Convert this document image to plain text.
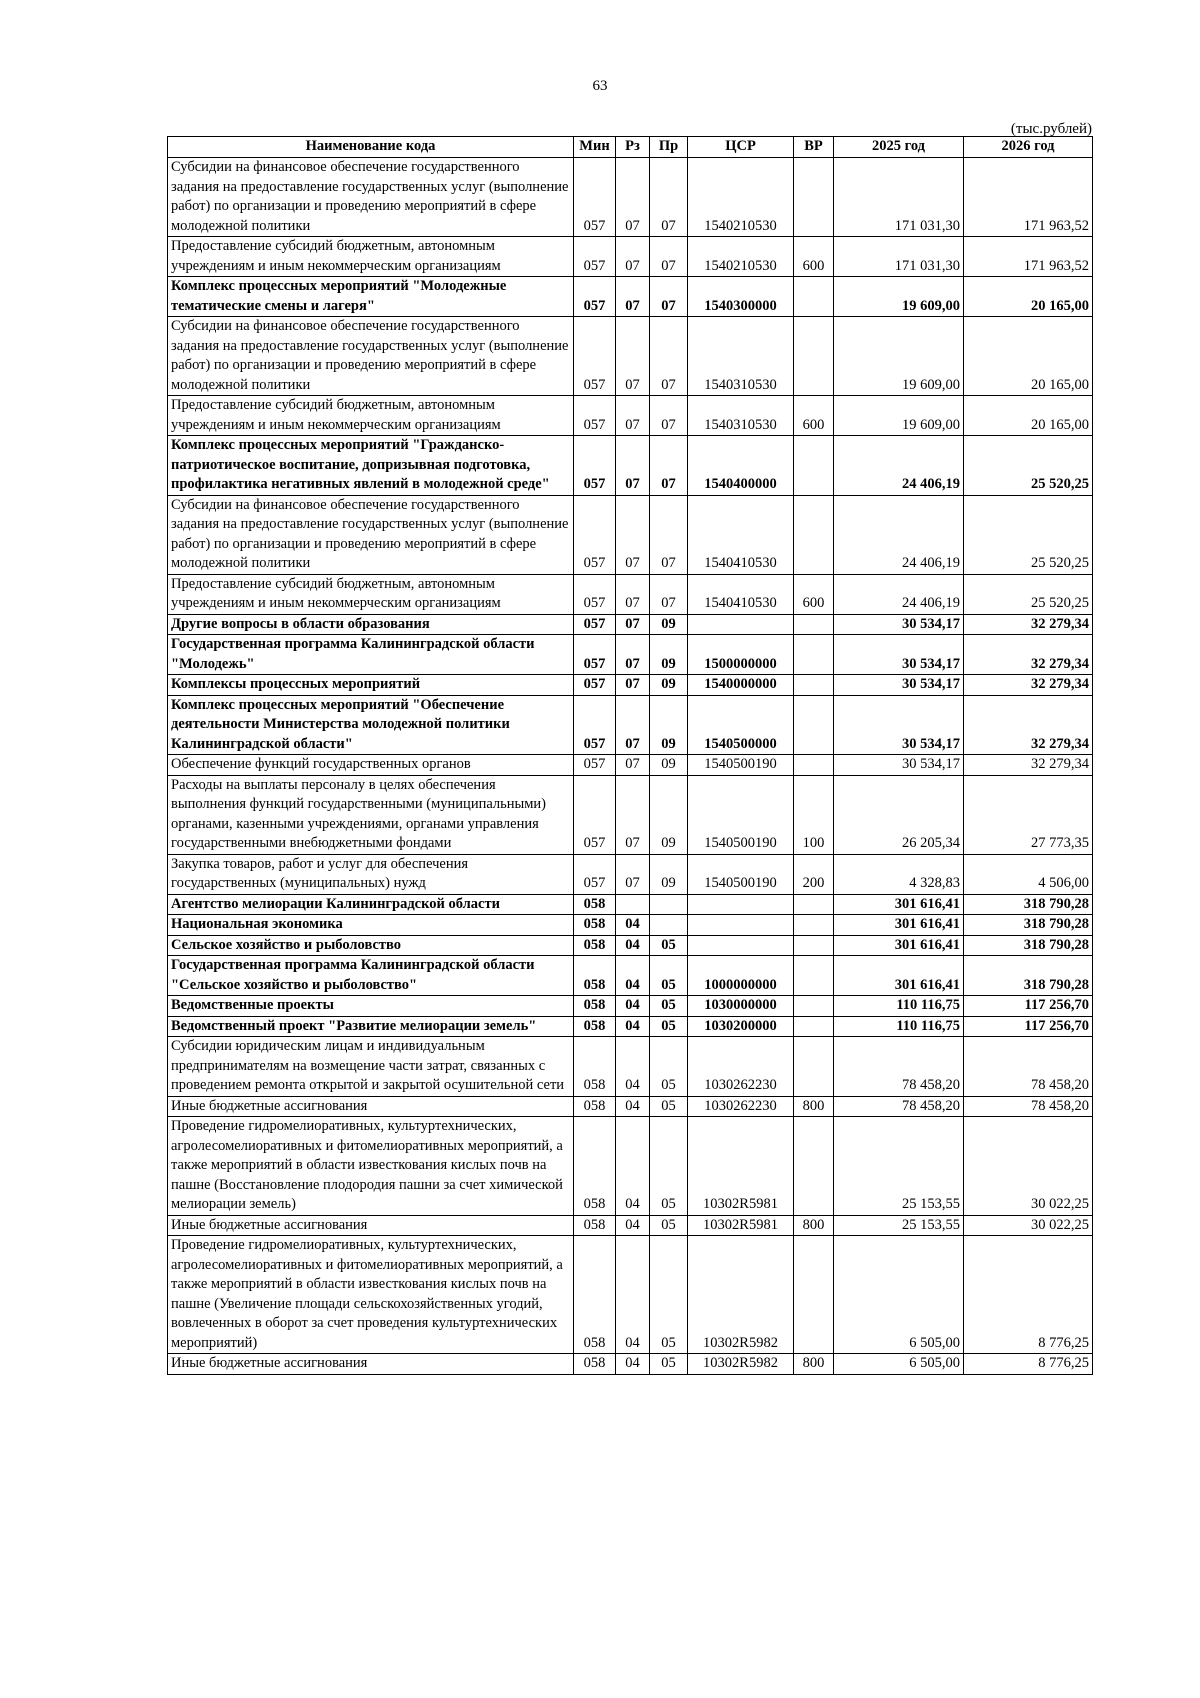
63
(тыс.рублей)
Наименование кода	Мин	Рз	Пр	ЦСР	ВР	2025 год	2026 год
Субсидии на финансовое обеспечение государственного задания на предоставление государственных услуг (выполнение работ) по организации и проведению мероприятий в сфере молодежной политики	057	07	07	1540210530		171 031,30	171 963,52
Предоставление субсидий бюджетным, автономным учреждениям и иным некоммерческим организациям	057	07	07	1540210530	600	171 031,30	171 963,52
Комплекс процессных мероприятий "Молодежные тематические смены и лагеря"	057	07	07	1540300000		19 609,00	20 165,00
Субсидии на финансовое обеспечение государственного задания на предоставление государственных услуг (выполнение работ) по организации и проведению мероприятий в сфере молодежной политики	057	07	07	1540310530		19 609,00	20 165,00
Предоставление субсидий бюджетным, автономным учреждениям и иным некоммерческим организациям	057	07	07	1540310530	600	19 609,00	20 165,00
Комплекс процессных мероприятий "Гражданско-патриотическое воспитание, допризывная подготовка, профилактика негативных явлений в молодежной среде"	057	07	07	1540400000		24 406,19	25 520,25
Субсидии на финансовое обеспечение государственного задания на предоставление государственных услуг (выполнение работ) по организации и проведению мероприятий в сфере молодежной политики	057	07	07	1540410530		24 406,19	25 520,25
Предоставление субсидий бюджетным, автономным учреждениям и иным некоммерческим организациям	057	07	07	1540410530	600	24 406,19	25 520,25
Другие вопросы в области образования	057	07	09			30 534,17	32 279,34
Государственная программа Калининградской области "Молодежь"	057	07	09	1500000000		30 534,17	32 279,34
Комплексы процессных мероприятий	057	07	09	1540000000		30 534,17	32 279,34
Комплекс процессных мероприятий "Обеспечение деятельности Министерства молодежной политики Калининградской области"	057	07	09	1540500000		30 534,17	32 279,34
Обеспечение функций государственных органов	057	07	09	1540500190		30 534,17	32 279,34
Расходы на выплаты персоналу в целях обеспечения выполнения функций государственными (муниципальными) органами, казенными учреждениями, органами управления государственными внебюджетными фондами	057	07	09	1540500190	100	26 205,34	27 773,35
Закупка товаров, работ и услуг для обеспечения государственных (муниципальных) нужд	057	07	09	1540500190	200	4 328,83	4 506,00
Агентство мелиорации Калининградской области	058					301 616,41	318 790,28
Национальная экономика	058	04				301 616,41	318 790,28
Сельское хозяйство и рыболовство	058	04	05			301 616,41	318 790,28
Государственная программа Калининградской области "Сельское хозяйство и рыболовство"	058	04	05	1000000000		301 616,41	318 790,28
Ведомственные проекты	058	04	05	1030000000		110 116,75	117 256,70
Ведомственный проект "Развитие мелиорации земель"	058	04	05	1030200000		110 116,75	117 256,70
Субсидии юридическим лицам и индивидуальным предпринимателям на возмещение части затрат, связанных с проведением ремонта открытой и закрытой осушительной сети	058	04	05	1030262230		78 458,20	78 458,20
Иные бюджетные ассигнования	058	04	05	1030262230	800	78 458,20	78 458,20
Проведение гидромелиоративных, культуртехнических, агролесомелиоративных и фитомелиоративных мероприятий, а также мероприятий в области известкования кислых почв на пашне (Восстановление плодородия пашни за счет химической мелиорации земель)	058	04	05	10302R5981		25 153,55	30 022,25
Иные бюджетные ассигнования	058	04	05	10302R5981	800	25 153,55	30 022,25
Проведение гидромелиоративных, культуртехнических, агролесомелиоративных и фитомелиоративных мероприятий, а также мероприятий в области известкования кислых почв на пашне (Увеличение площади сельскохозяйственных угодий, вовлеченных в оборот за счет проведения культуртехнических мероприятий)	058	04	05	10302R5982		6 505,00	8 776,25
Иные бюджетные ассигнования	058	04	05	10302R5982	800	6 505,00	8 776,25
